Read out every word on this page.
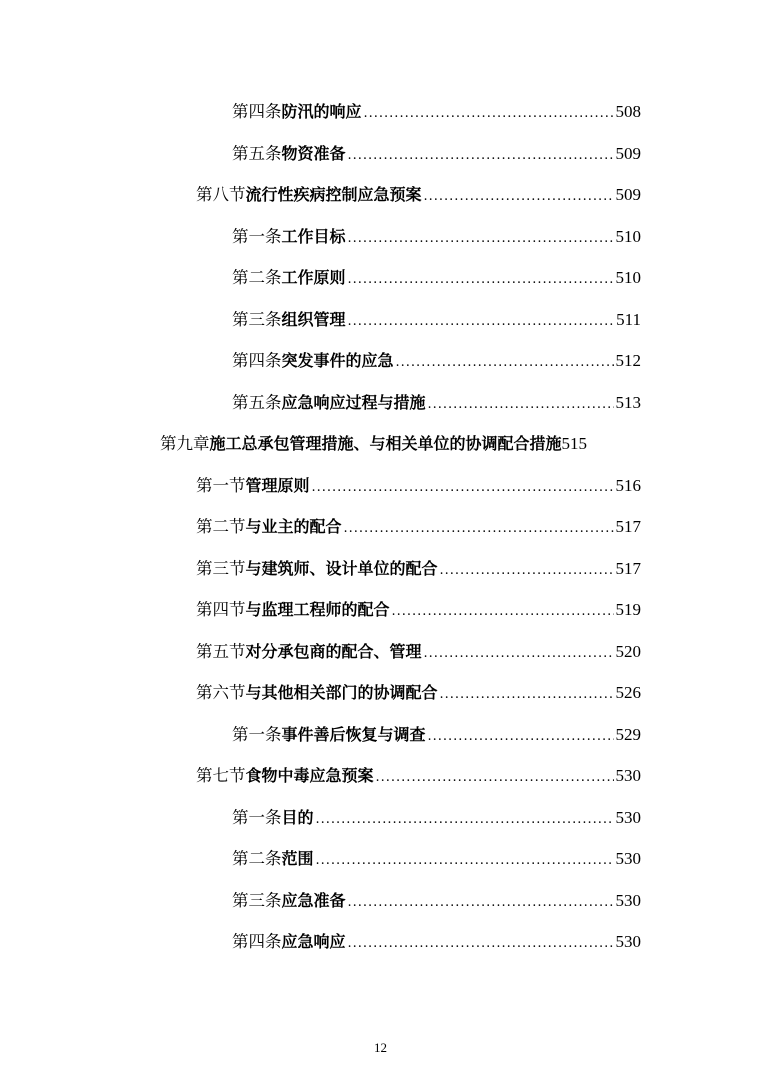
第四条 防汛的响应 .....	508
第五条 物资准备 .....	509
第八节 流行性疾病控制应急预案 .....	509
第一条 工作目标 .....	510
第二条 工作原则 .....	510
第三条 组织管理 .....	511
第四条 突发事件的应急 .....	512
第五条 应急响应过程与措施 .....	513
第九章 施工总承包管理措施、与相关单位的协调配合措施 515
第一节 管理原则 .....	516
第二节 与业主的配合 .....	517
第三节 与建筑师、设计单位的配合 .....	517
第四节 与监理工程师的配合 .....	519
第五节 对分承包商的配合、管理 .....	520
第六节 与其他相关部门的协调配合 .....	526
第一条 事件善后恢复与调查 .....	529
第七节 食物中毒应急预案 .....	530
第一条 目的 .....	530
第二条 范围 .....	530
第三条 应急准备 .....	530
第四条 应急响应 .....	530
12
